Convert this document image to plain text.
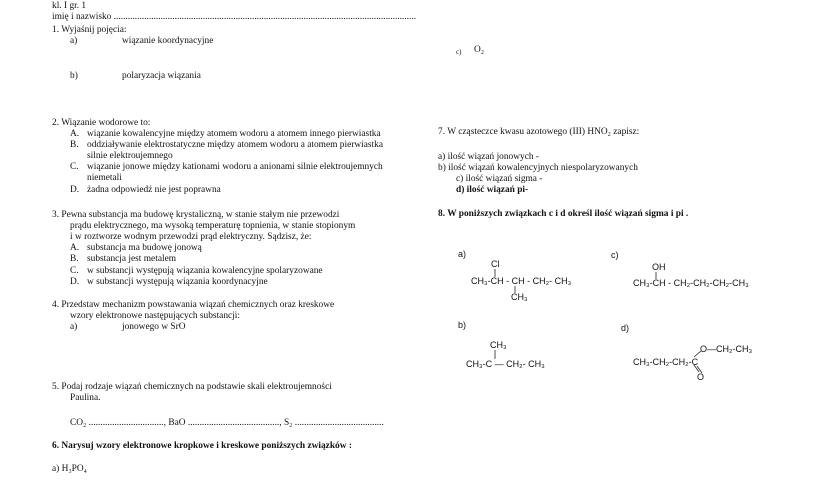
kl. I gr. 1
imię i nazwisko .................................................................................................................................
1. Wyjaśnij pojęcia:
a)	wiązanie koordynacyjne
b)	polaryzacja wiązania
c) O₂
2. Wiązanie wodorowe to:
A. wiązanie kowalencyjne między atomem wodoru a atomem innego pierwiastka
B. oddziaływanie elektrostatyczne między atomem wodoru a atomem pierwiastka
silnie elektroujemnego
C. wiązanie jonowe między kationami wodoru a anionami silnie elektroujemnych
niemetali
D. żadna odpowiedź nie jest poprawna
3. Pewna substancja ma budowę krystaliczną, w stanie stałym nie przewodzi
prądu elektrycznego, ma wysoką temperaturę topnienia, w stanie stopionym
i w roztworze wodnym przewodzi prąd elektryczny. Sądzisz, że:
A. substancja ma budowę jonową
B. substancja jest metalem
C. w substancji występują wiązania kowalencyjne spolaryzowane
D. w substancji występują wiązania koordynacyjne
4. Przedstaw mechanizm powstawania wiązań chemicznych oraz kreskowe
wzory elektronowe następujących substancji:
a)	jonowego w SrO
5. Podaj rodzaje wiązań chemicznych na podstawie skali elektroujemności
Paulina.
CO₂ ................................, BaO ......................................., S₂ ......................................
6. Narysuj wzory elektronowe kropkowe i kreskowe poniższych związków :
a) H₃PO₄
7. W cząsteczce kwasu azotowego (III) HNO₂ zapisz:
a) ilość wiązań jonowych -
b) ilość wiązań kowalencyjnych niespolaryzowanych
c) ilość wiązań sigma -
d) ilość wiązań pi-
8. W poniższych związkach c i d określ ilość wiązań sigma i pi .
a)
Cl
CH₃-CH - CH - CH₂- CH₃
CH₃
b)
CH₃
CH₃-C — CH₂- CH₃
c)
OH
CH₃-CH - CH₂-CH₂-CH₂-CH₃
d)
CH₃-CH₂-CH₂-C
O—CH₂-CH₃
O
